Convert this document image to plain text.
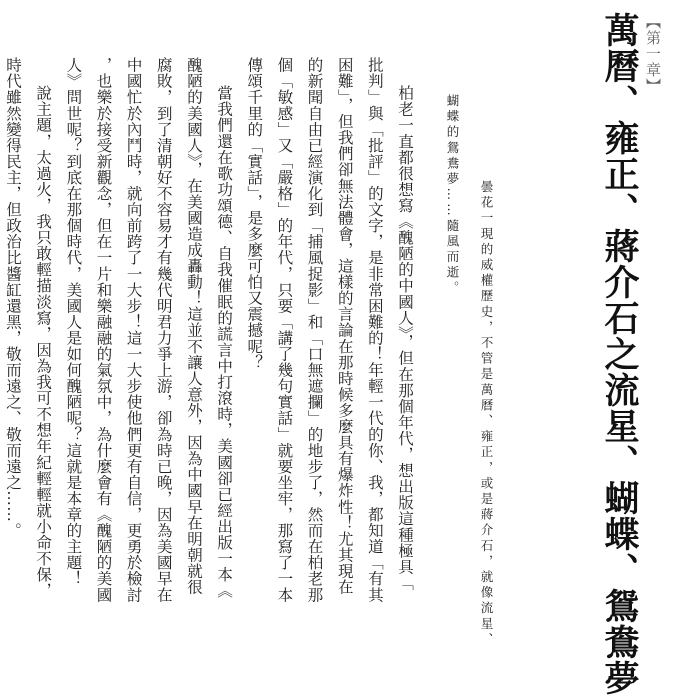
【第一章】
萬曆、雍正、蔣介石之流星、蝴蝶、鴛鴦夢
曇花一現的威權歷史，不管是萬曆、雍正，或是蔣介石，就像流星、
蝴蝶的鴛鴦夢……隨風而逝。
柏老一直都很想寫《醜陋的中國人》，但在那個年代，想出版這種極具「
批判」與「批評」的文字，是非常困難的！年輕一代的你、我，都知道「有其
困難」，但我們卻無法體會，這樣的言論在那時候多麼具有爆炸性！尤其現在
的新聞自由已經演化到「捕風捉影」和「口無遮攔」的地步了，然而在柏老那
個「敏感」又「嚴格」的年代，只要「講了幾句實話」就要坐牢，那寫了一本
傳頌千里的「實話」，是多麼可怕又震撼呢？
當我們還在歌功頌德、自我催眠的謊言中打滾時，美國卻已經出版一本《
醜陋的美國人》，在美國造成轟動！這並不讓人意外，因為中國早在明朝就很
腐敗，到了清朝好不容易才有幾代明君力爭上游，卻為時已晚，因為美國早在
中國忙於內鬥時，就向前跨了一大步！這一大步使他們更有自信，更勇於檢討
，也樂於接受新觀念，但在一片和樂融融的氣氛中，為什麼會有《醜陋的美國
人》問世呢？到底在那個時代，美國人是如何醜陋呢？這就是本章的主題！
說主題，太過火，我只敢輕描淡寫，因為我可不想年紀輕輕就小命不保，
時代雖然變得民主，但政治比醬缸還黑，敬而遠之、敬而遠之……。
